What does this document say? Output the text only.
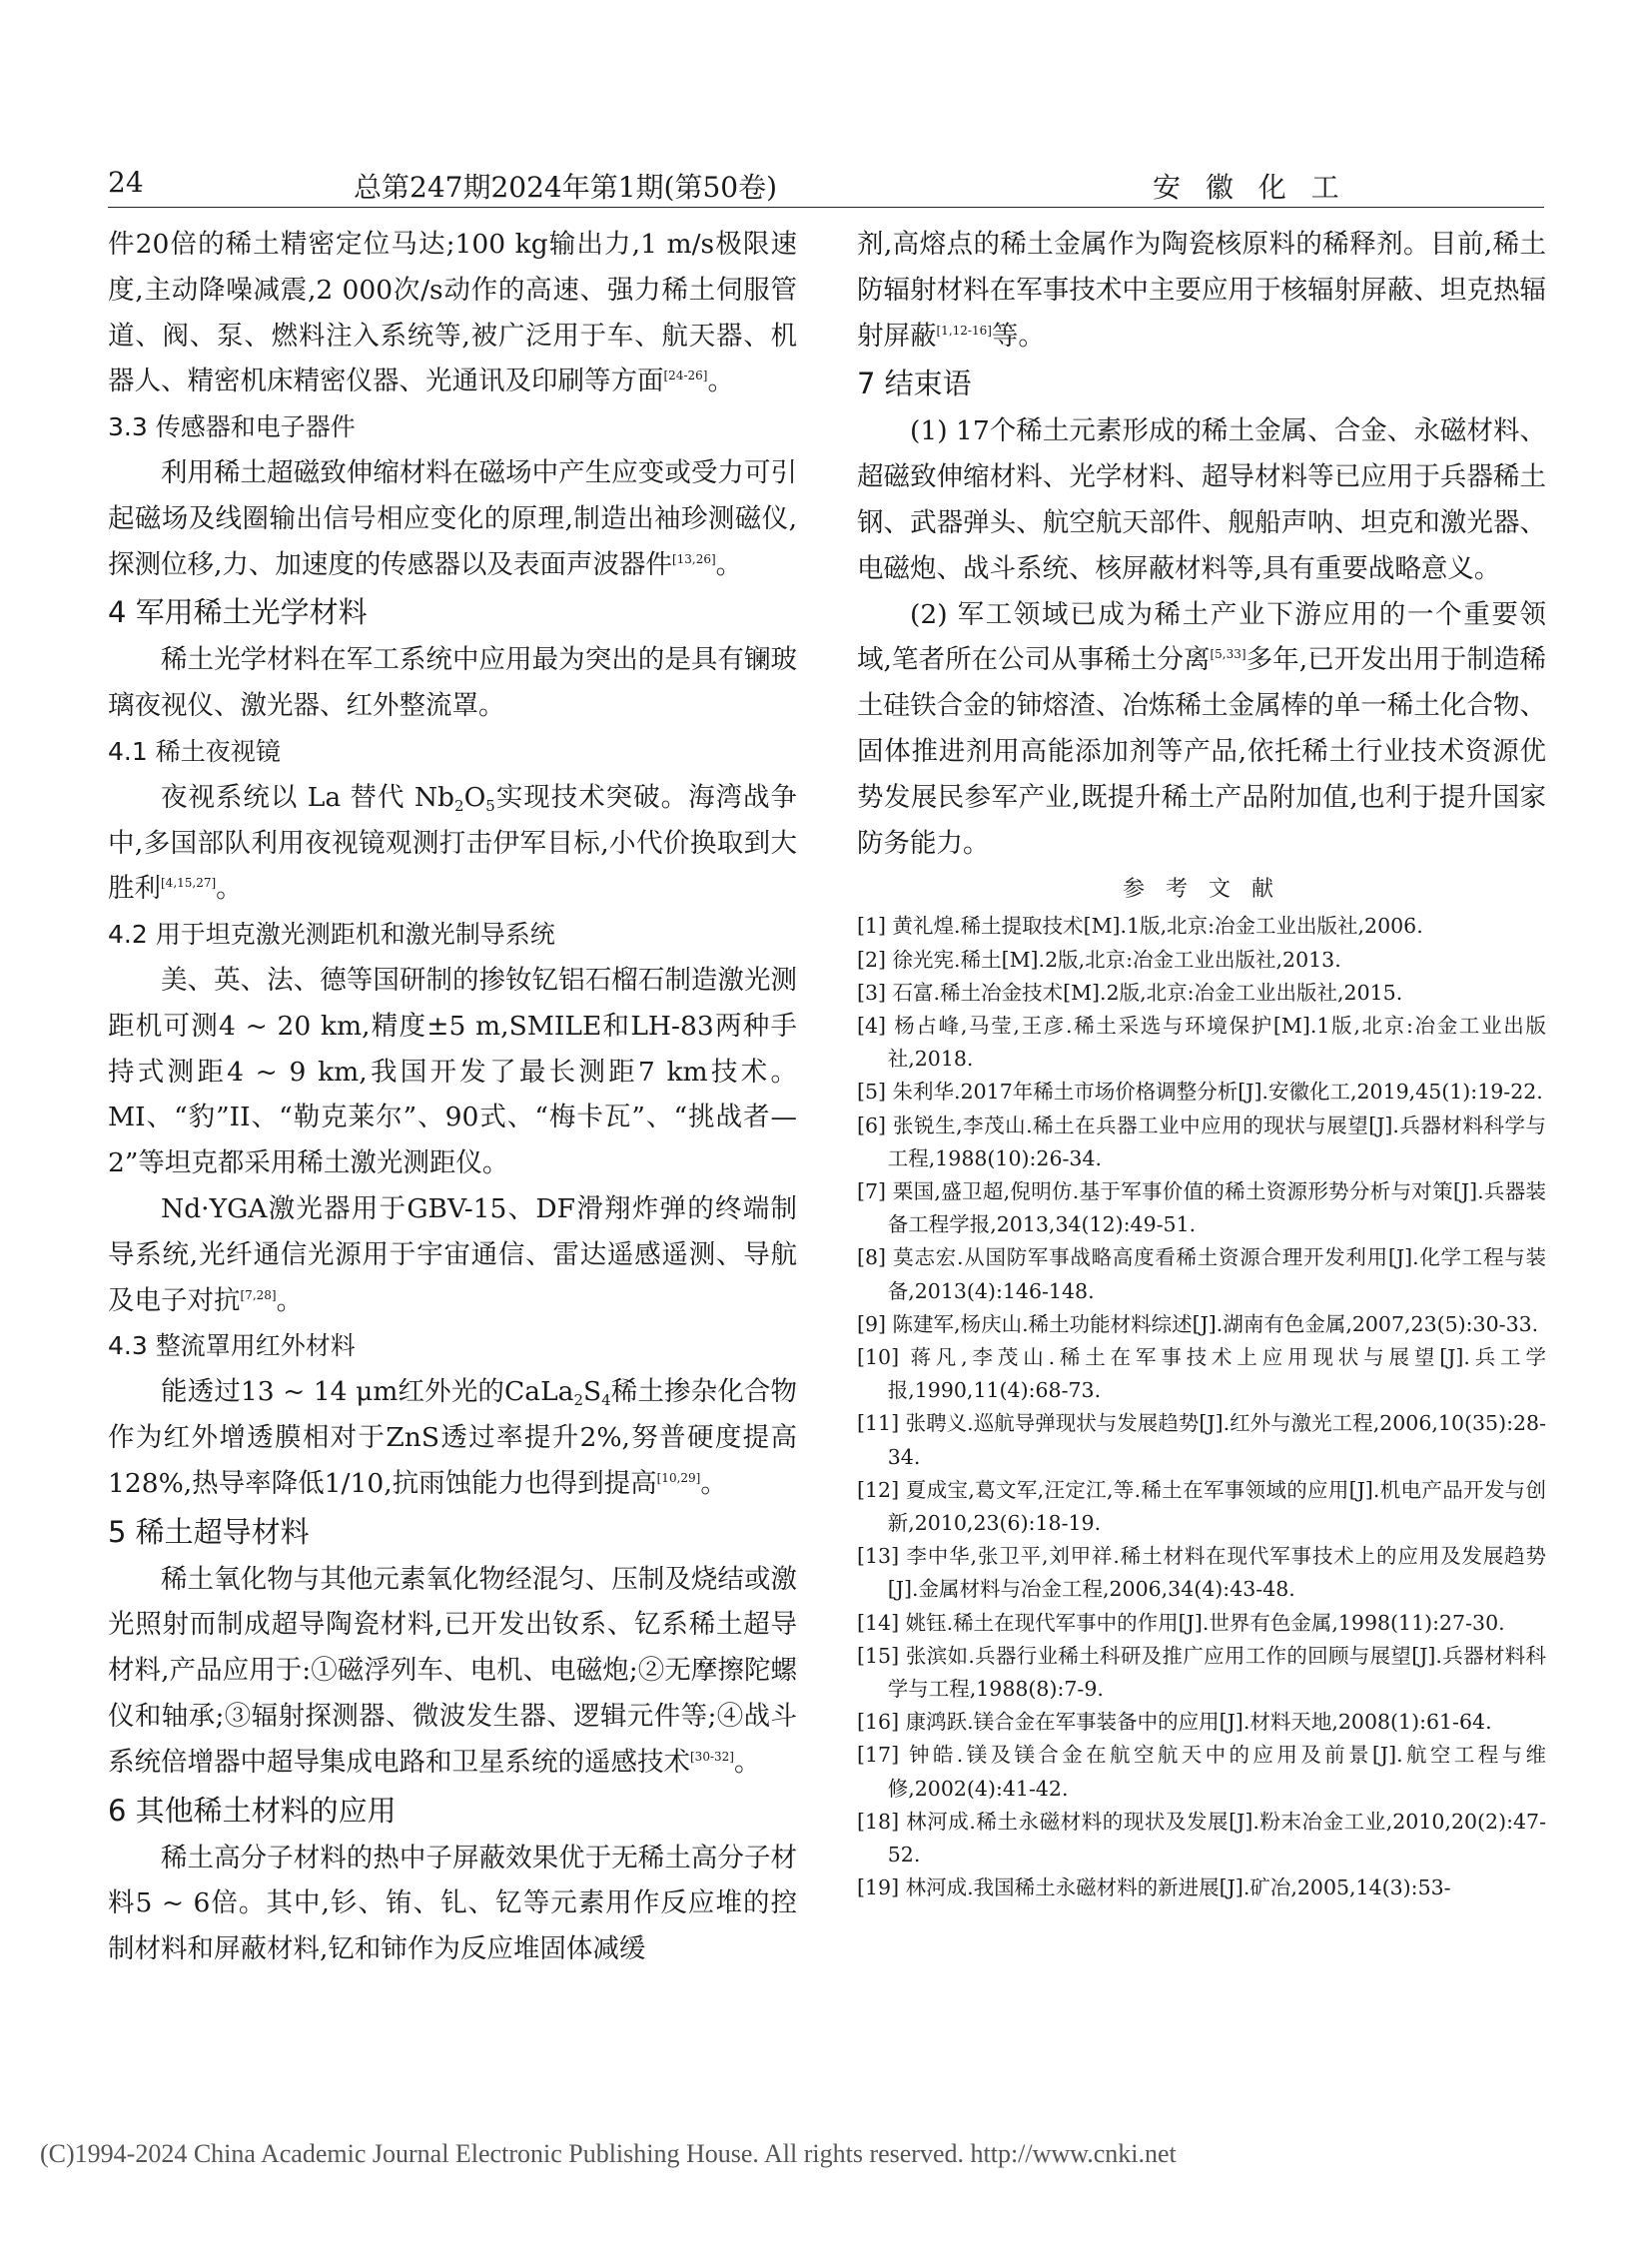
24	总第247期2024年第1期(第50卷)	安 徽 化 工

件20倍的稀土精密定位马达;100 kg输出力,1 m/s极限速度,主动降噪减震,2 000次/s动作的高速、强力稀土伺服管道、阀、泵、燃料注入系统等,被广泛用于车、航天器、机器人、精密机床精密仪器、光通讯及印刷等方面[24-26]。

3.3 传感器和电子器件

利用稀土超磁致伸缩材料在磁场中产生应变或受力可引起磁场及线圈输出信号相应变化的原理,制造出袖珍测磁仪,探测位移,力、加速度的传感器以及表面声波器件[13,26]。

4 军用稀土光学材料

稀土光学材料在军工系统中应用最为突出的是具有镧玻璃夜视仪、激光器、红外整流罩。

4.1 稀土夜视镜

夜视系统以 La 替代 $Nb_2O_5$实现技术突破。海湾战争中,多国部队利用夜视镜观测打击伊军目标,小代价换取到大胜利[4,15,27]。

4.2 用于坦克激光测距机和激光制导系统

美、英、法、德等国研制的掺钕钇铝石榴石制造激光测距机可测4 ~ 20 km,精度±5 m,SMILE和LH-83两种手持式测距4 ~ 9 km,我国开发了最长测距7 km技术。MI、“豹”II、“勒克莱尔”、90式、“梅卡瓦”、“挑战者—2”等坦克都采用稀土激光测距仪。

Nd·YGA激光器用于GBV-15、DF滑翔炸弹的终端制导系统,光纤通信光源用于宇宙通信、雷达遥感遥测、导航及电子对抗[7,28]。

4.3 整流罩用红外材料

能透过13 ~ 14 μm红外光的$CaLa_2S_4$稀土掺杂化合物作为红外增透膜相对于ZnS透过率提升2%,努普硬度提高128%,热导率降低1/10,抗雨蚀能力也得到提高[10,29]。

5 稀土超导材料

稀土氧化物与其他元素氧化物经混匀、压制及烧结或激光照射而制成超导陶瓷材料,已开发出钕系、钇系稀土超导材料,产品应用于:①磁浮列车、电机、电磁炮;②无摩擦陀螺仪和轴承;③辐射探测器、微波发生器、逻辑元件等;④战斗系统倍增器中超导集成电路和卫星系统的遥感技术[30-32]。

6 其他稀土材料的应用

稀土高分子材料的热中子屏蔽效果优于无稀土高分子材料5 ~ 6倍。其中,钐、铕、钆、钇等元素用作反应堆的控制材料和屏蔽材料,钇和铈作为反应堆固体减缓

剂,高熔点的稀土金属作为陶瓷核原料的稀释剂。目前,稀土防辐射材料在军事技术中主要应用于核辐射屏蔽、坦克热辐射屏蔽[1,12-16]等。

7 结束语

(1) 17个稀土元素形成的稀土金属、合金、永磁材料、超磁致伸缩材料、光学材料、超导材料等已应用于兵器稀土钢、武器弹头、航空航天部件、舰船声呐、坦克和激光器、电磁炮、战斗系统、核屏蔽材料等,具有重要战略意义。

(2) 军工领域已成为稀土产业下游应用的一个重要领域,笔者所在公司从事稀土分离[5,33]多年,已开发出用于制造稀土硅铁合金的铈熔渣、冶炼稀土金属棒的单一稀土化合物、固体推进剂用高能添加剂等产品,依托稀土行业技术资源优势发展民参军产业,既提升稀土产品附加值,也利于提升国家防务能力。

参 考 文 献
[1] 黄礼煌.稀土提取技术[M].1版,北京:冶金工业出版社,2006.
[2] 徐光宪.稀土[M].2版,北京:冶金工业出版社,2013.
[3] 石富.稀土冶金技术[M].2版,北京:冶金工业出版社,2015.
[4] 杨占峰,马莹,王彦.稀土采选与环境保护[M].1版,北京:冶金工业出版社,2018.
[5] 朱利华.2017年稀土市场价格调整分析[J].安徽化工,2019,45(1):19-22.
[6] 张锐生,李茂山.稀土在兵器工业中应用的现状与展望[J].兵器材料科学与工程,1988(10):26-34.
[7] 栗国,盛卫超,倪明仿.基于军事价值的稀土资源形势分析与对策[J].兵器装备工程学报,2013,34(12):49-51.
[8] 莫志宏.从国防军事战略高度看稀土资源合理开发利用[J].化学工程与装备,2013(4):146-148.
[9] 陈建军,杨庆山.稀土功能材料综述[J].湖南有色金属,2007,23(5):30-33.
[10] 蒋凡,李茂山.稀土在军事技术上应用现状与展望[J].兵工学报,1990,11(4):68-73.
[11] 张聘义.巡航导弹现状与发展趋势[J].红外与激光工程,2006,10(35):28-34.
[12] 夏成宝,葛文军,汪定江,等.稀土在军事领域的应用[J].机电产品开发与创新,2010,23(6):18-19.
[13] 李中华,张卫平,刘甲祥.稀土材料在现代军事技术上的应用及发展趋势[J].金属材料与冶金工程,2006,34(4):43-48.
[14] 姚钰.稀土在现代军事中的作用[J].世界有色金属,1998(11):27-30.
[15] 张滨如.兵器行业稀土科研及推广应用工作的回顾与展望[J].兵器材料科学与工程,1988(8):7-9.
[16] 康鸿跃.镁合金在军事装备中的应用[J].材料天地,2008(1):61-64.
[17] 钟皓.镁及镁合金在航空航天中的应用及前景[J].航空工程与维修,2002(4):41-42.
[18] 林河成.稀土永磁材料的现状及发展[J].粉末冶金工业,2010,20(2):47-52.
[19] 林河成.我国稀土永磁材料的新进展[J].矿冶,2005,14(3):53-
(C)1994-2024 China Academic Journal Electronic Publishing House. All rights reserved. http://www.cnki.net
